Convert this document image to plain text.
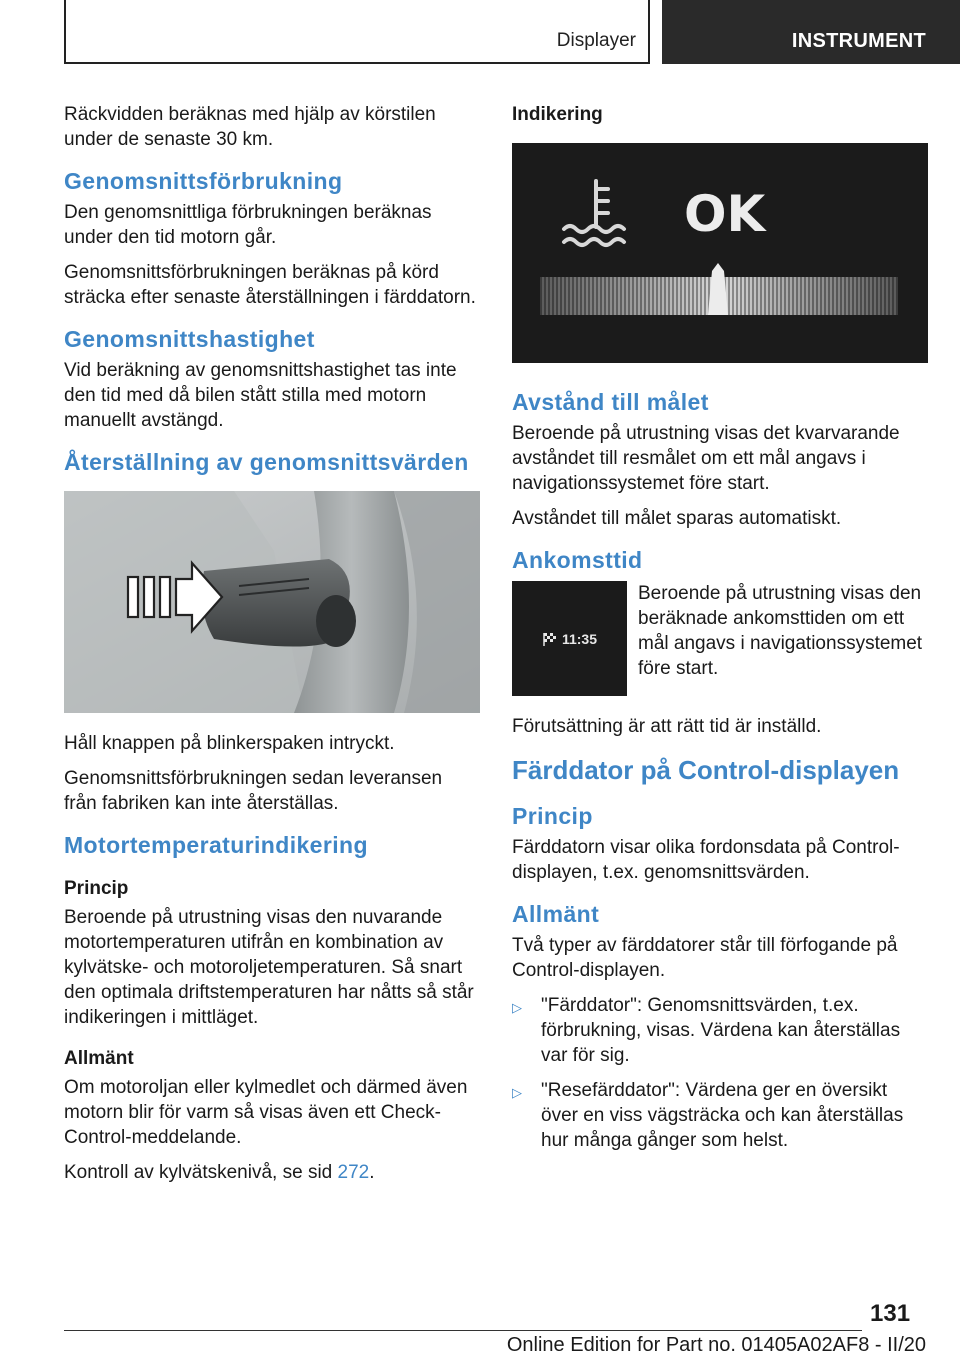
Displayer	INSTRUMENT

Räckvidden beräknas med hjälp av körstilen under de senaste 30 km.

Genomsnittsförbrukning

Den genomsnittliga förbrukningen beräknas under den tid motorn går.

Genomsnittsförbrukningen beräknas på körd sträcka efter senaste återställningen i färddatorn.

Genomsnittshastighet

Vid beräkning av genomsnittshastighet tas inte den tid med då bilen stått stilla med motorn manuellt avstängd.

Återställning av genomsnittsvärden

Håll knappen på blinkerspaken intryckt.

Genomsnittsförbrukningen sedan leveransen från fabriken kan inte återställas.

Motortemperaturindikering
Princip

Beroende på utrustning visas den nuvarande motortemperaturen utifrån en kombination av kylvätske- och motoroljetemperaturen. Så snart den optimala driftstemperaturen har nåtts så står indikeringen i mittläget.

Allmänt

Om motoroljan eller kylmedlet och därmed även motorn blir för varm så visas även ett Check-Control-meddelande.

Kontroll av kylvätskenivå, se sid 272.

Indikering
OK
Avstånd till målet

Beroende på utrustning visas det kvarvarande avståndet till resmålet om ett mål angavs i navigationssystemet före start.

Avståndet till målet sparas automatiskt.

Ankomsttid
11:35

Beroende på utrustning visas den beräknade ankomsttiden om ett mål angavs i navigationssystemet före start.

Förutsättning är att rätt tid är inställd.

Färddator på Control-displayen
Princip

Färddatorn visar olika fordonsdata på Control-displayen, t.ex. genomsnittsvärden.

Allmänt

Två typer av färddatorer står till förfogande på Control-displayen.

▷	"Färddator": Genomsnittsvärden, t.ex. förbrukning, visas. Värdena kan återställas var för sig.
▷	"Resefärddator": Värdena ger en översikt över en viss vägsträcka och kan återställas hur många gånger som helst.
131
Online Edition for Part no. 01405A02AF8 - II/20
